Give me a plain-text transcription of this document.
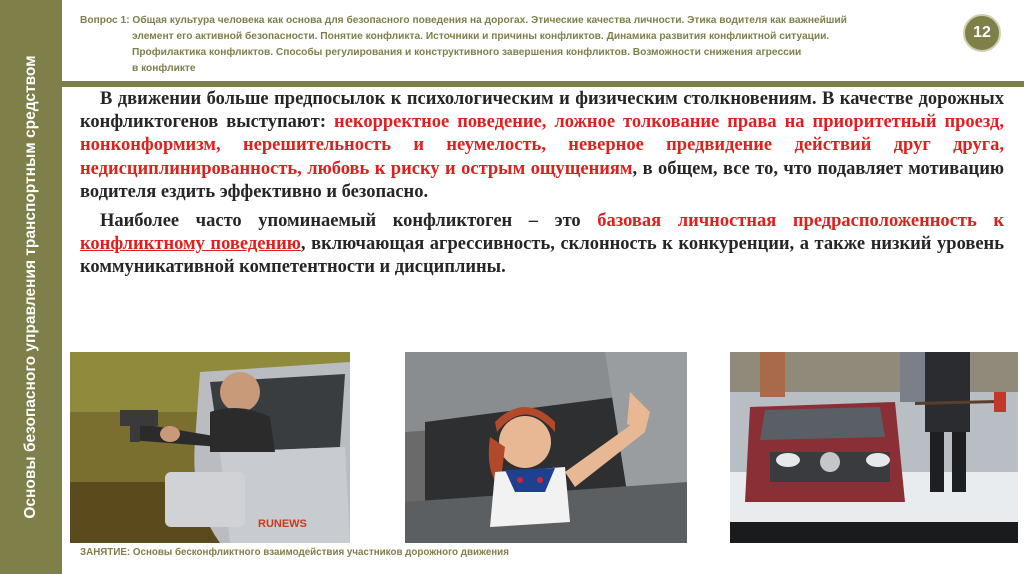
Основы безопасного управления транспортным средством

Вопрос 1: Общая культура человека как основа для безопасного поведения на дорогах. Этические качества личности. Этика водителя как важнейший

элемент его активной безопасности. Понятие конфликта. Источники и причины конфликтов. Динамика развития конфликтной ситуации.

Профилактика конфликтов. Способы регулирования и конструктивного завершения конфликтов. Возможности снижения агрессии

в конфликте

12

В движении больше предпосылок к психологическим и физическим столкновениям. В качестве дорожных конфликтогенов выступают: некорректное поведение, ложное толкование права на приоритетный проезд, нонконформизм, нерешительность и неумелость, неверное предвидение действий друг друга, недисциплинированность, любовь к риску и острым ощущениям, в общем, все то, что подавляет мотивацию водителя ездить эффективно и безопасно.

Наиболее часто упоминаемый конфликтоген – это базовая личностная предрасположенность к конфликтному поведению, включающая агрессивность, склонность к конкуренции, а также низкий уровень коммуникативной компетентности и дисциплины.

RUNEWS
ЗАНЯТИЕ: Основы бесконфликтного взаимодействия участников дорожного движения
